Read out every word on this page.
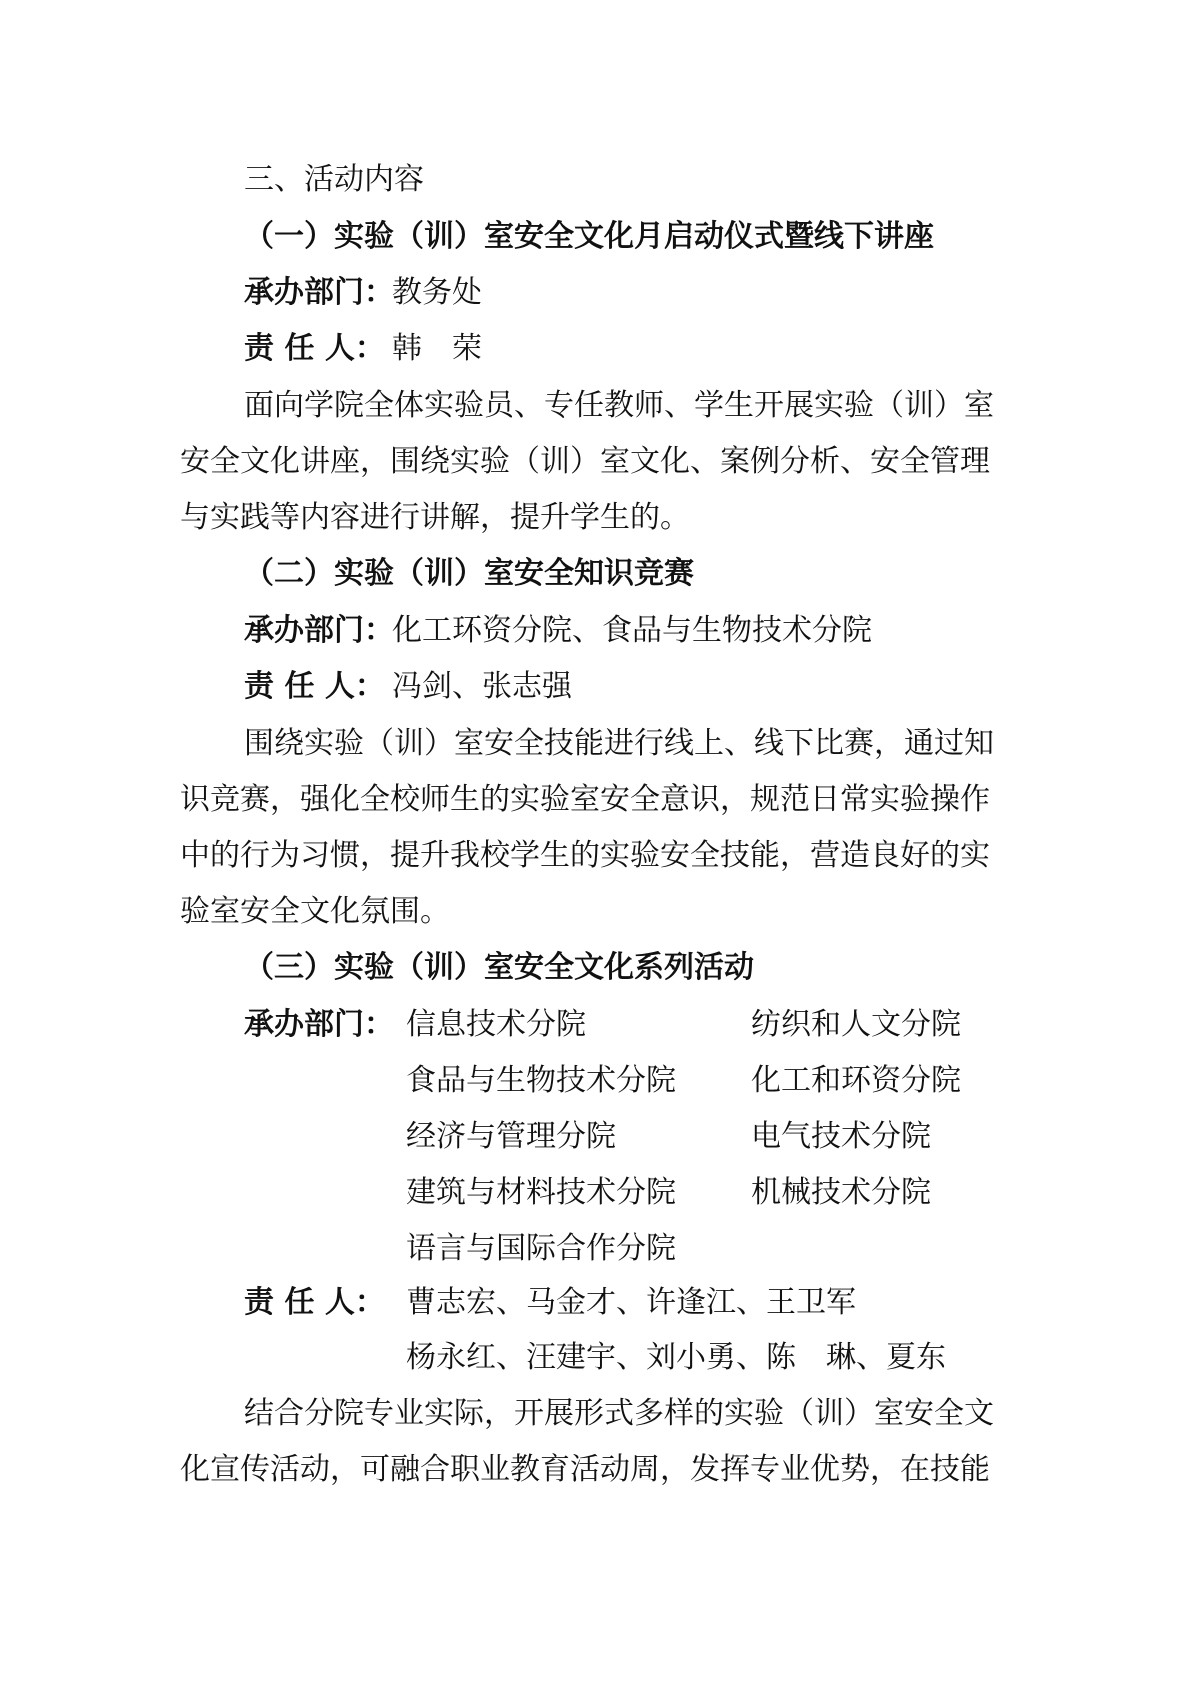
三、活动内容
（一）实验（训）室安全文化月启动仪式暨线下讲座
承办部门：教务处
责 任 人： 韩　荣
面向学院全体实验员、专任教师、学生开展实验（训）室
安全文化讲座，围绕实验（训）室文化、案例分析、安全管理
与实践等内容进行讲解，提升学生的。
（二）实验（训）室安全知识竞赛
承办部门：化工环资分院、食品与生物技术分院
责 任 人： 冯剑、张志强
围绕实验（训）室安全技能进行线上、线下比赛，通过知
识竞赛，强化全校师生的实验室安全意识，规范日常实验操作
中的行为习惯，提升我校学生的实验安全技能，营造良好的实
验室安全文化氛围。
（三）实验（训）室安全文化系列活动
承办部门： 信息技术分院	纺织和人文分院
食品与生物技术分院	化工和环资分院
经济与管理分院	电气技术分院
建筑与材料技术分院	机械技术分院
语言与国际合作分院
责 任 人： 曹志宏、马金才、许逢江、王卫军
杨永红、汪建宇、刘小勇、陈　琳、夏东
结合分院专业实际，开展形式多样的实验（训）室安全文
化宣传活动，可融合职业教育活动周，发挥专业优势，在技能
